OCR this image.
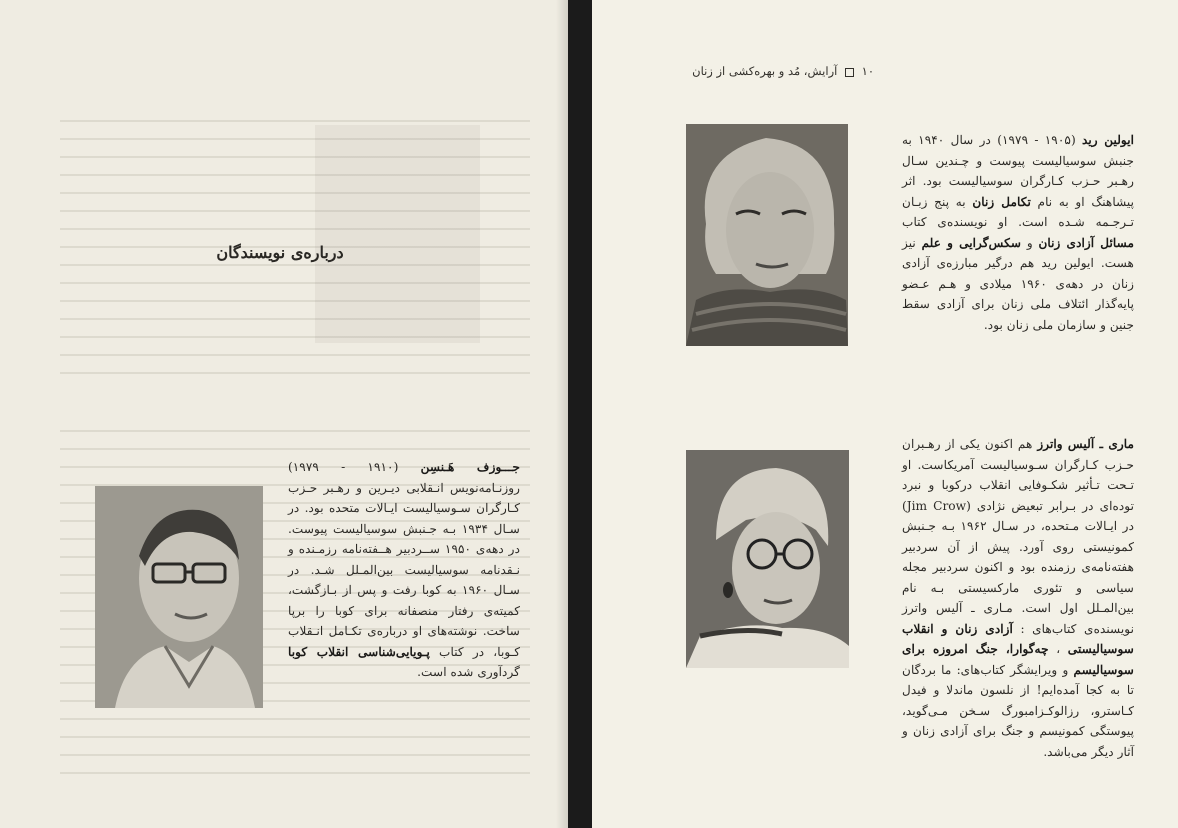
درباره‌ی نویسندگان
جـــوزف هَـنسِن (۱۹۱۰ - ۱۹۷۹) روزنـامه‌نویس انـقلابی دیـرین و رهـبر حـزب کـارگران سـوسیالیست ایـالات متحده بود. در سـال ۱۹۳۴ بـه جـنبش سوسیالیست پیوست. در دهه‌ی ۱۹۵۰ ســردبیر هــفته‌نامه رزمـنده و نـقدنامه سوسیالیست بین‌المـلل شـد. در سـال ۱۹۶۰ به کوبا رفت و پس از بـازگشت، کمیته‌ی رفتار منصفانه برای کوبا را برپا ساخت. نوشته‌های او درباره‌ی تکـامل انـقلاب کـوبا، در کتاب پـویایی‌شناسی انقلاب کوبا گردآوری شده است.
۱۰  آرایش، مُد و بهره‌کشی از زنان
ایولین رید (۱۹۰۵ - ۱۹۷۹) در سال ۱۹۴۰ به جنبش سوسیالیست پیوست و چـندین سـال رهـبر حـزب کـارگران سوسیالیست بود. اثر پیشاهنگ او به نام تکامل زنان به پنج زبـان تـرجـمه شـده است. او نویسنده‌ی کتاب مسائل آزادی زنان و سکس‌گرایی و علم نیز هست. ایولین رید هم درگیر مبارزه‌ی آزادی زنان در دهه‌ی ۱۹۶۰ میلادی و هـم عـضو پایه‌گذار ائتلاف ملی زنان برای آزادی سقط جنین و سازمان ملی زنان بود.
ماری ـ آلیس واترز هم اکنون یکی از رهـبران حـزب کـارگران سـوسیالیست آمریکاست. او تـحت تـأثیر شکـوفایی انقلاب درکوبا و نبرد توده‌ای در بـرابر تبعیض نژادی (Jim Crow) در ایـالات مـتحده، در سـال ۱۹۶۲ بـه جـنبش کمونیستی روی آورد. پیش از آن سردبیر هفته‌نامه‌ی رزمنده بود و اکنون سردبیر مجله سیاسی و تئوری مارکسیستی بـه نام بین‌المـلل اول است. مـاری ـ آلیس واترز نویسنده‌ی کتاب‌های : آزادی زنان و انقلاب سوسیالیستی ، چه‌گوارا، جنگ امروزه برای سوسیالیسم و ویرایشگر کتاب‌های: ما بردگان تا به کجا آمده‌ایم! از نلسون ماندلا و فیدل کـاسترو، رزالوکـزامبورگ سـخن مـی‌گوید، پیوستگی کمونیسم و جنگ برای آزادی زنان و آثار دیگر می‌باشد.
